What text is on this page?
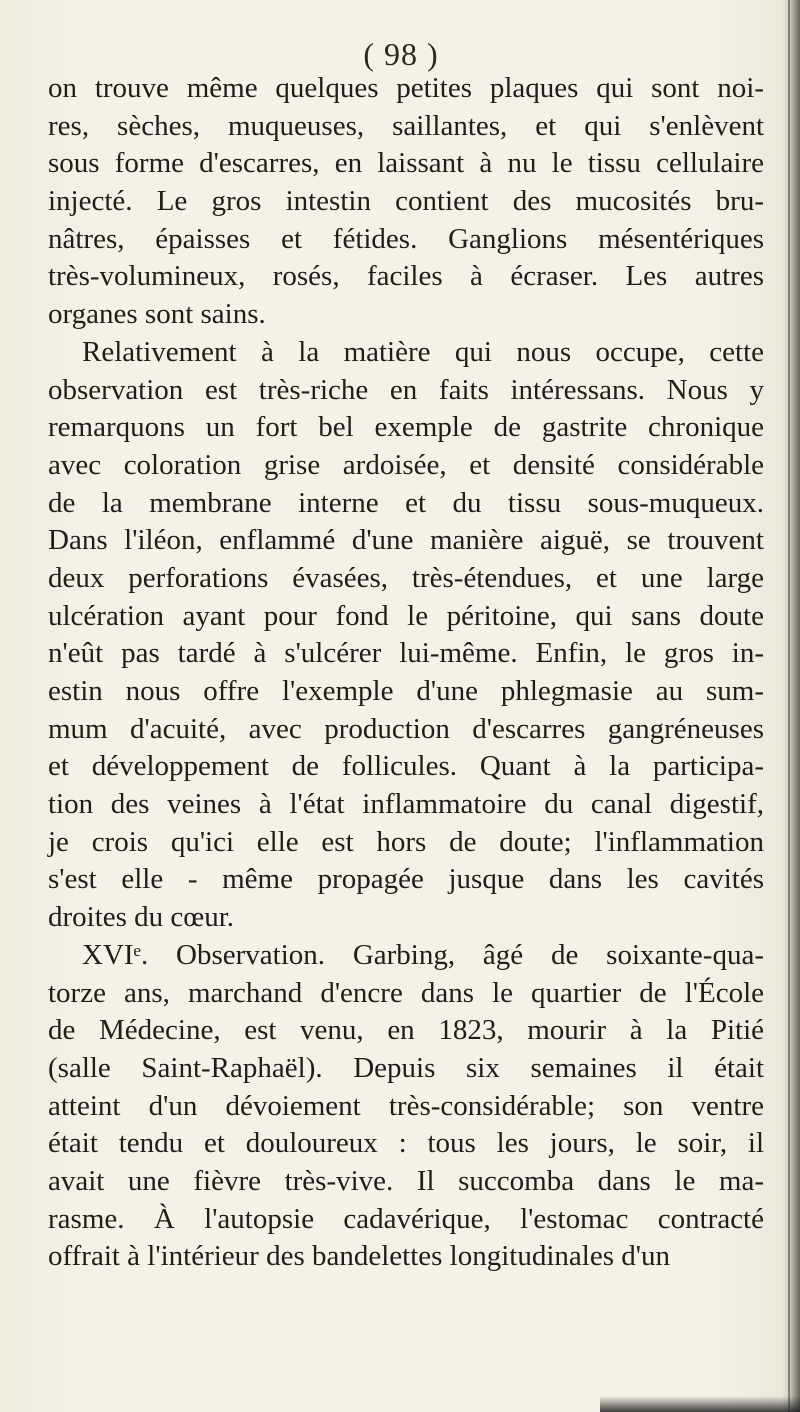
( 98 )
on trouve même quelques petites plaques qui sont noi-
res, sèches, muqueuses, saillantes, et qui s'enlèvent
sous forme d'escarres, en laissant à nu le tissu cellulaire
injecté. Le gros intestin contient des mucosités bru-
nâtres, épaisses et fétides. Ganglions mésentériques
très-volumineux, rosés, faciles à écraser. Les autres
organes sont sains.
Relativement à la matière qui nous occupe, cette
observation est très-riche en faits intéressans. Nous y
remarquons un fort bel exemple de gastrite chronique
avec coloration grise ardoisée, et densité considérable
de la membrane interne et du tissu sous-muqueux.
Dans l'iléon, enflammé d'une manière aiguë, se trouvent
deux perforations évasées, très-étendues, et une large
ulcération ayant pour fond le péritoine, qui sans doute
n'eût pas tardé à s'ulcérer lui-même. Enfin, le gros in-
estin nous offre l'exemple d'une phlegmasie au sum-
mum d'acuité, avec production d'escarres gangréneuses
et développement de follicules. Quant à la participa-
tion des veines à l'état inflammatoire du canal digestif,
je crois qu'ici elle est hors de doute; l'inflammation
s'est elle - même propagée jusque dans les cavités
droites du cœur.
XVIᵉ. Observation. Garbing, âgé de soixante-qua-
torze ans, marchand d'encre dans le quartier de l'École
de Médecine, est venu, en 1823, mourir à la Pitié
(salle Saint-Raphaël). Depuis six semaines il était
atteint d'un dévoiement très-considérable; son ventre
était tendu et douloureux : tous les jours, le soir, il
avait une fièvre très-vive. Il succomba dans le ma-
rasme. À l'autopsie cadavérique, l'estomac contracté
offrait à l'intérieur des bandelettes longitudinales d'un
